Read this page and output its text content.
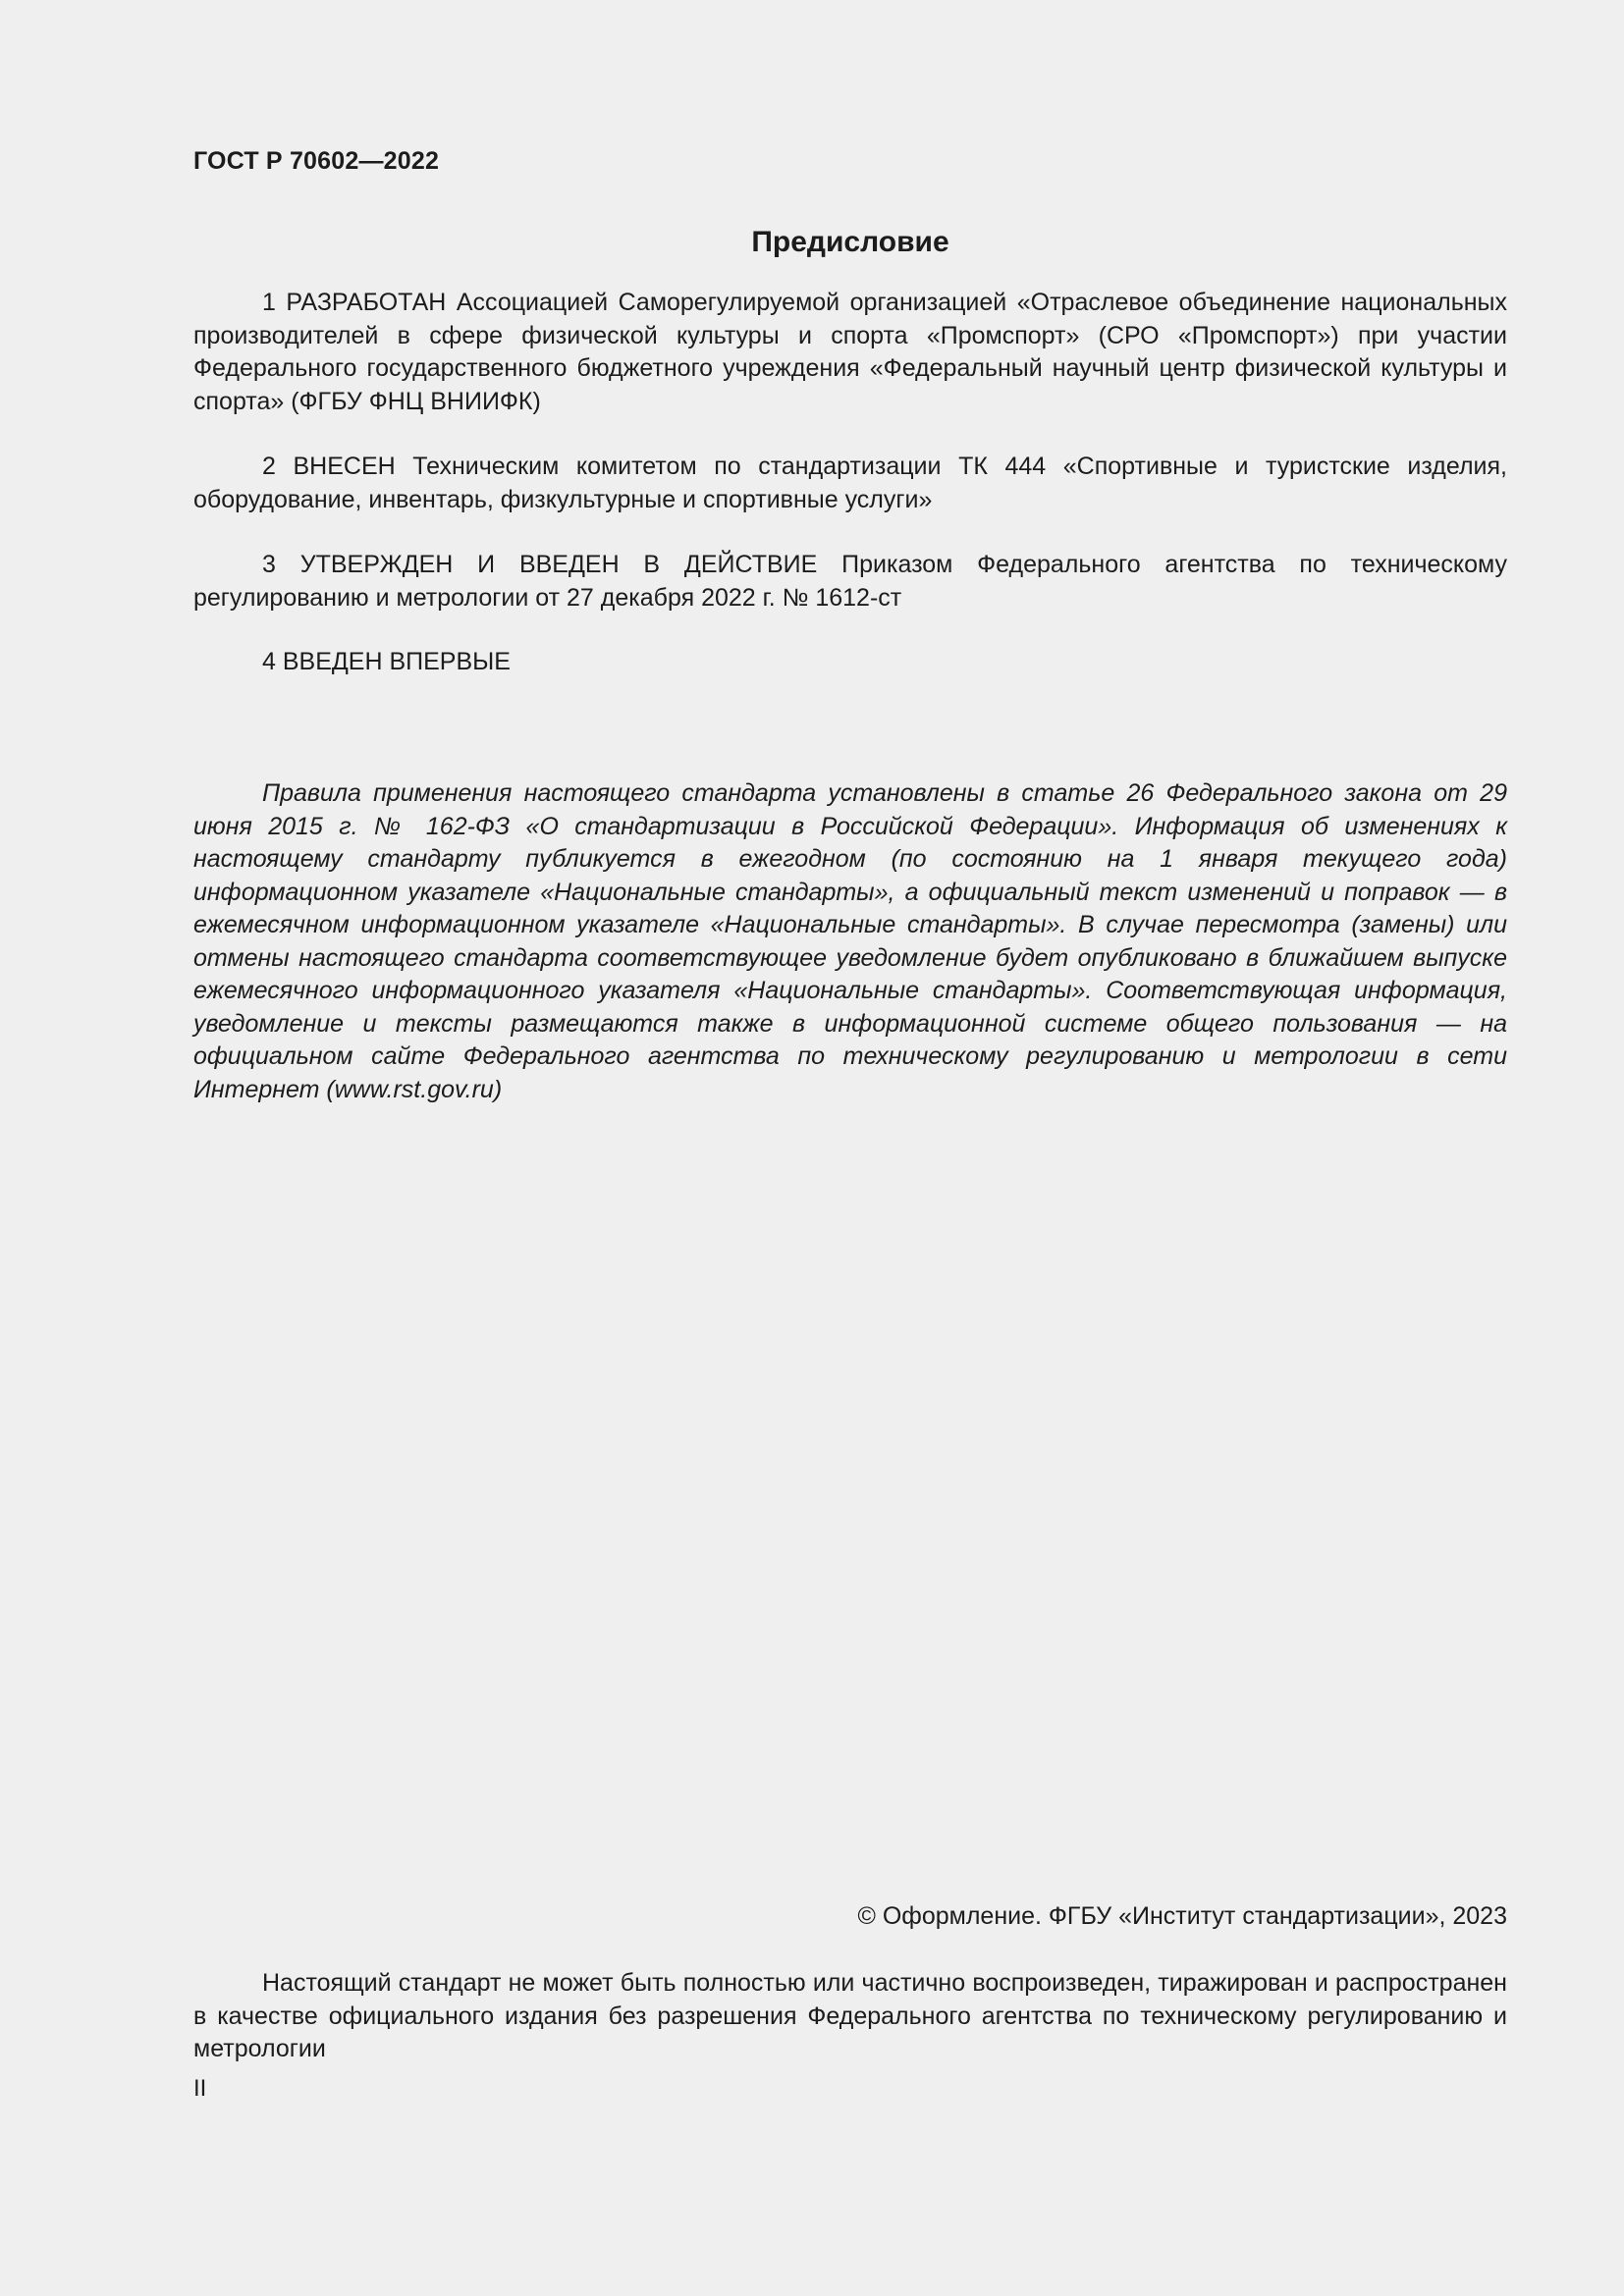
ГОСТ Р 70602—2022
Предисловие

1 РАЗРАБОТАН Ассоциацией Саморегулируемой организацией «Отраслевое объединение национальных производителей в сфере физической культуры и спорта «Промспорт» (СРО «Промспорт») при участии Федерального государственного бюджетного учреждения «Федеральный научный центр физической культуры и спорта» (ФГБУ ФНЦ ВНИИФК)

2 ВНЕСЕН Техническим комитетом по стандартизации ТК 444 «Спортивные и туристские изделия, оборудование, инвентарь, физкультурные и спортивные услуги»

3 УТВЕРЖДЕН И ВВЕДЕН В ДЕЙСТВИЕ Приказом Федерального агентства по техническому регулированию и метрологии от 27 декабря 2022 г. № 1612-ст

4 ВВЕДЕН ВПЕРВЫЕ

Правила применения настоящего стандарта установлены в статье 26 Федерального закона от 29 июня 2015 г. № 162-ФЗ «О стандартизации в Российской Федерации». Информация об изменениях к настоящему стандарту публикуется в ежегодном (по состоянию на 1 января текущего года) информационном указателе «Национальные стандарты», а официальный текст изменений и поправок — в ежемесячном информационном указателе «Национальные стандарты». В случае пересмотра (замены) или отмены настоящего стандарта соответствующее уведомление будет опубликовано в ближайшем выпуске ежемесячного информационного указателя «Национальные стандарты». Соответствующая информация, уведомление и тексты размещаются также в информационной системе общего пользования — на официальном сайте Федерального агентства по техническому регулированию и метрологии в сети Интернет (www.rst.gov.ru)

© Оформление. ФГБУ «Институт стандартизации», 2023

Настоящий стандарт не может быть полностью или частично воспроизведен, тиражирован и распространен в качестве официального издания без разрешения Федерального агентства по техническому регулированию и метрологии

II
